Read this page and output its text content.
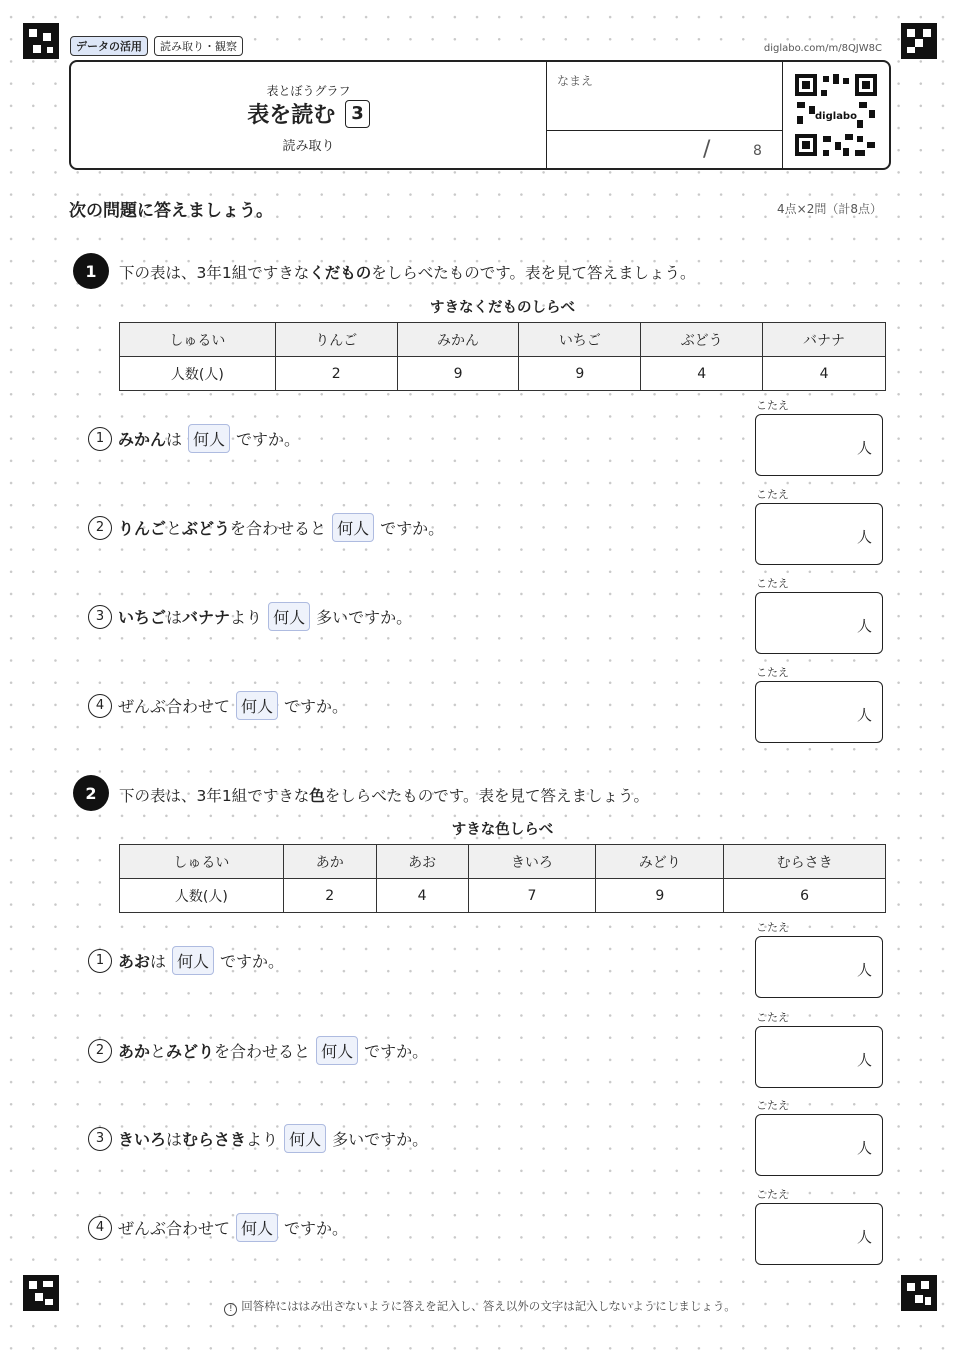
データの活用	読み取り・観察	diglabo.com/m/8QJW8C
表とぼうグラフ
表を読む 3
読み取り
なまえ
/	8
diglabo
次の問題に答えましょう。	4点×2問（計8点）
1	下の表は、3年1組ですきなくだものをしらべたものです。表を見て答えましょう。
すきなくだものしらべ
しゅるい	りんご	みかん	いちご	ぶどう	バナナ
人数(人)	2	9	9	4	4
1 みかん は 何人 ですか。
こたえ
人
2 りんご と ぶどう を合わせると 何人 ですか。
こたえ
人
3 いちご は バナナ より 何人 多いですか。
こたえ
人
4 ぜんぶ合わせて 何人 ですか。
こたえ
人
2	下の表は、3年1組ですきな色をしらべたものです。表を見て答えましょう。
すきな色しらべ
しゅるい	あか	あお	きいろ	みどり	むらさき
人数(人)	2	4	7	9	6
1 あお は 何人 ですか。
こたえ
人
2 あか と みどり を合わせると 何人 ですか。
こたえ
人
3 きいろ は むらさき より 何人 多いですか。
こたえ
人
4 ぜんぶ合わせて 何人 ですか。
こたえ
人
! 回答枠にははみ出さないように答えを記入し、答え以外の文字は記入しないようにしましょう。
